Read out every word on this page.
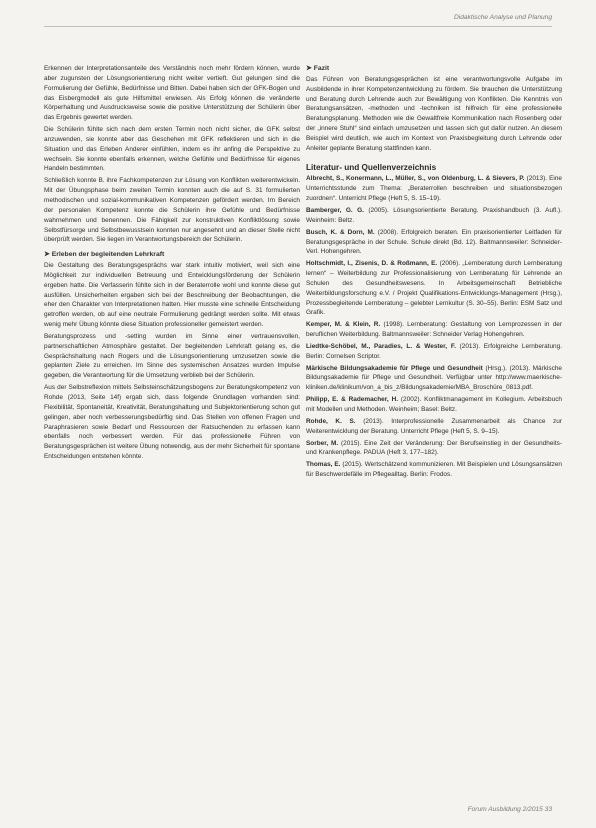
Didaktische Analyse und Planung

Erkennen der Interpretationsanteile des Verständnis noch mehr fördern können, wurde aber zugunsten der Lösungsorientierung nicht weiter vertieft. Gut gelungen sind die Formulierung der Gefühle, Bedürfnisse und Bitten. Dabei haben sich der GFK-Bogen und das Eisbergmodell als gute Hilfsmittel erwiesen. Als Erfolg können die veränderte Körperhaltung und Ausdrucksweise sowie die positive Unterstützung der Schülerin über das Ergebnis gewertet werden.

Die Schülerin fühlte sich nach dem ersten Termin noch nicht sicher, die GFK selbst anzuwenden, sie konnte aber das Geschehen mit GFK reflektieren und sich in die Situation und das Erleben Anderer einfühlen, indem es ihr anfing die Perspektive zu wechseln. Sie konnte ebenfalls erkennen, welche Gefühle und Bedürfnisse für eigenes Handeln bestimmten.

Schließlich konnte B. ihre Fachkompetenzen zur Lösung von Konflikten weiterentwickeln. Mit der Übungsphase beim zweiten Termin konnten auch die auf S. 31 formulierten methodischen und sozial-kommunikativen Kompetenzen gefördert werden. Im Bereich der personalen Kompetenz konnte die Schülerin ihre Gefühle und Bedürfnisse wahrnehmen und benennen. Die Fähigkeit zur konstruktiven Konfliktlösung sowie Selbstfürsorge und Selbstbewusstsein konnten nur angesehnt und an dieser Stelle nicht überprüft werden. Sie liegen im Verantwortungsbereich der Schülerin.

➤ Erleben der begleitenden Lehrkraft

Die Gestaltung des Beratungsgesprächs war stark intuitiv motiviert, weil sich eine Möglichkeit zur individuellen Betreuung und Entwicklungsförderung der Schülerin ergeben hatte. Die Verfasserin fühlte sich in der Beraterrolle wohl und konnte diese gut ausfüllen. Unsicherheiten ergaben sich bei der Beschreibung der Beobachtungen, die eher den Charakter von Interpretationen hatten. Hier musste eine schnelle Entscheidung getroffen werden, ob auf eine neutrale Formulierung gedrängt werden sollte. Mit etwas wenig mehr Übung könnte diese Situation professioneller gemeistert werden.

Beratungsprozess und -setting wurden im Sinne einer vertrauensvollen, partnerschaftlichen Atmosphäre gestaltet. Der begleitenden Lehrkraft gelang es, die Gesprächshaltung nach Rogers und die Lösungsorientierung umzusetzen sowie die geplanten Ziele zu erreichen. Im Sinne des systemischen Ansatzes wurden Impulse gegeben, die Verantwortung für die Umsetzung verblieb bei der Schülerin.

Aus der Selbstreflexion mittels Selbsteinschätzungsbogens zur Beratungskompetenz von Rohde (2013, Seite 14f) ergab sich, dass folgende Grundlagen vorhanden sind: Flexibilität, Spontaneität, Kreativität, Beratungshaltung und Subjektorientierung schon gut gelingen, aber noch verbesserungsbedürftig sind. Das Stellen von offenen Fragen und Paraphrasieren sowie Bedarf und Ressourcen der Ratsuchenden zu erfassen kann ebenfalls noch verbessert werden. Für das professionelle Führen von Beratungsgesprächen ist weitere Übung notwendig, aus der mehr Sicherheit für spontane Entscheidungen entstehen könnte.

➤ Fazit

Das Führen von Beratungsgesprächen ist eine verantwortungsvolle Aufgabe im Ausbildende in ihrer Kompetenzentwicklung zu fördern. Sie brauchen die Unterstützung und Beratung durch Lehrende auch zur Bewältigung von Konflikten. Die Kenntnis von Beratungsansätzen, -methoden und -techniken ist hilfreich für eine professionelle Beratungsplanung. Methoden wie die Gewaltfreie Kommunikation nach Rosenberg oder der „innere Stuhl“ sind einfach umzusetzen und lassen sich gut dafür nutzen. An diesem Beispiel wird deutlich, wie auch im Kontext von Praxisbegleitung durch Lehrende oder Anleiter geplante Beratung stattfinden kann.

Literatur- und Quellenverzeichnis

Albrecht, S., Konermann, L., Müller, S., von Oldenburg, L. & Sievers, P. (2013). Eine Unterrichtsstunde zum Thema: „Beraterrollen beschreiben und situationsbezogen zuordnen“. Unterricht Pflege (Heft 5, S. 15–19).

Bamberger, G. G. (2005). Lösungsorientierte Beratung. Praxishandbuch (3. Aufl.). Weinheim: Beltz.

Busch, K. & Dorn, M. (2008). Erfolgreich beraten. Ein praxisorientierter Leitfaden für Beratungsgespräche in der Schule. Schule direkt (Bd. 12). Baltmannsweiler: Schneider-Verl. Hohengehren.

Holtschmidt, I., Zisenis, D. & Roßmann, E. (2006). „Lernberatung durch Lernberatung lernen“ – Weiterbildung zur Professionalisierung von Lernberatung für Lehrende an Schulen des Gesundheitswesens. In Arbeitsgemeinschaft Betriebliche Weiterbildungsforschung e.V. / Projekt Qualifikations-Entwicklungs-Management (Hrsg.), Prozessbegleitende Lernberatung – gelebter Lernkultur (S. 30–55). Berlin: ESM Satz und Grafik.

Kemper, M. & Klein, R. (1998). Lernberatung: Gestaltung von Lernprozessen in der beruflichen Weiterbildung. Baltmannsweiler: Schneider Verlag Hohengehren.

Liedtke-Schöbel, M., Paradies, L. & Wester, F. (2013). Erfolgreiche Lernberatung. Berlin: Cornelsen Scriptor.

Märkische Bildungsakademie für Pflege und Gesundheit (Hrsg.). (2013). Märkische Bildungsakademie für Pflege und Gesundheit. Verfügbar unter http://www.maerkische-kliniken.de/klinikum/von_a_bis_z/Bildungsakademie/MBA_Broschüre_0813.pdf.

Philipp, E. & Rademacher, H. (2002). Konfliktmanagement im Kollegium. Arbeitsbuch mit Modellen und Methoden. Weinheim; Basel: Beltz.

Rohde, K. S. (2013). Interprofessionelle Zusammenarbeit als Chance zur Weiterentwicklung der Beratung. Unterricht Pflege (Heft 5, S. 9–15).

Sorber, M. (2015). Eine Zeit der Veränderung: Der Berufseinstieg in der Gesundheits- und Krankenpflege. PADUA (Heft 3, 177–182).

Thomas, E. (2015). Wertschätzend kommunizieren. Mit Beispielen und Lösungsansätzen für Beschwerdefälle im Pflegealltag. Berlin: Frodos.

Forum Ausbildung 2/2015 33
